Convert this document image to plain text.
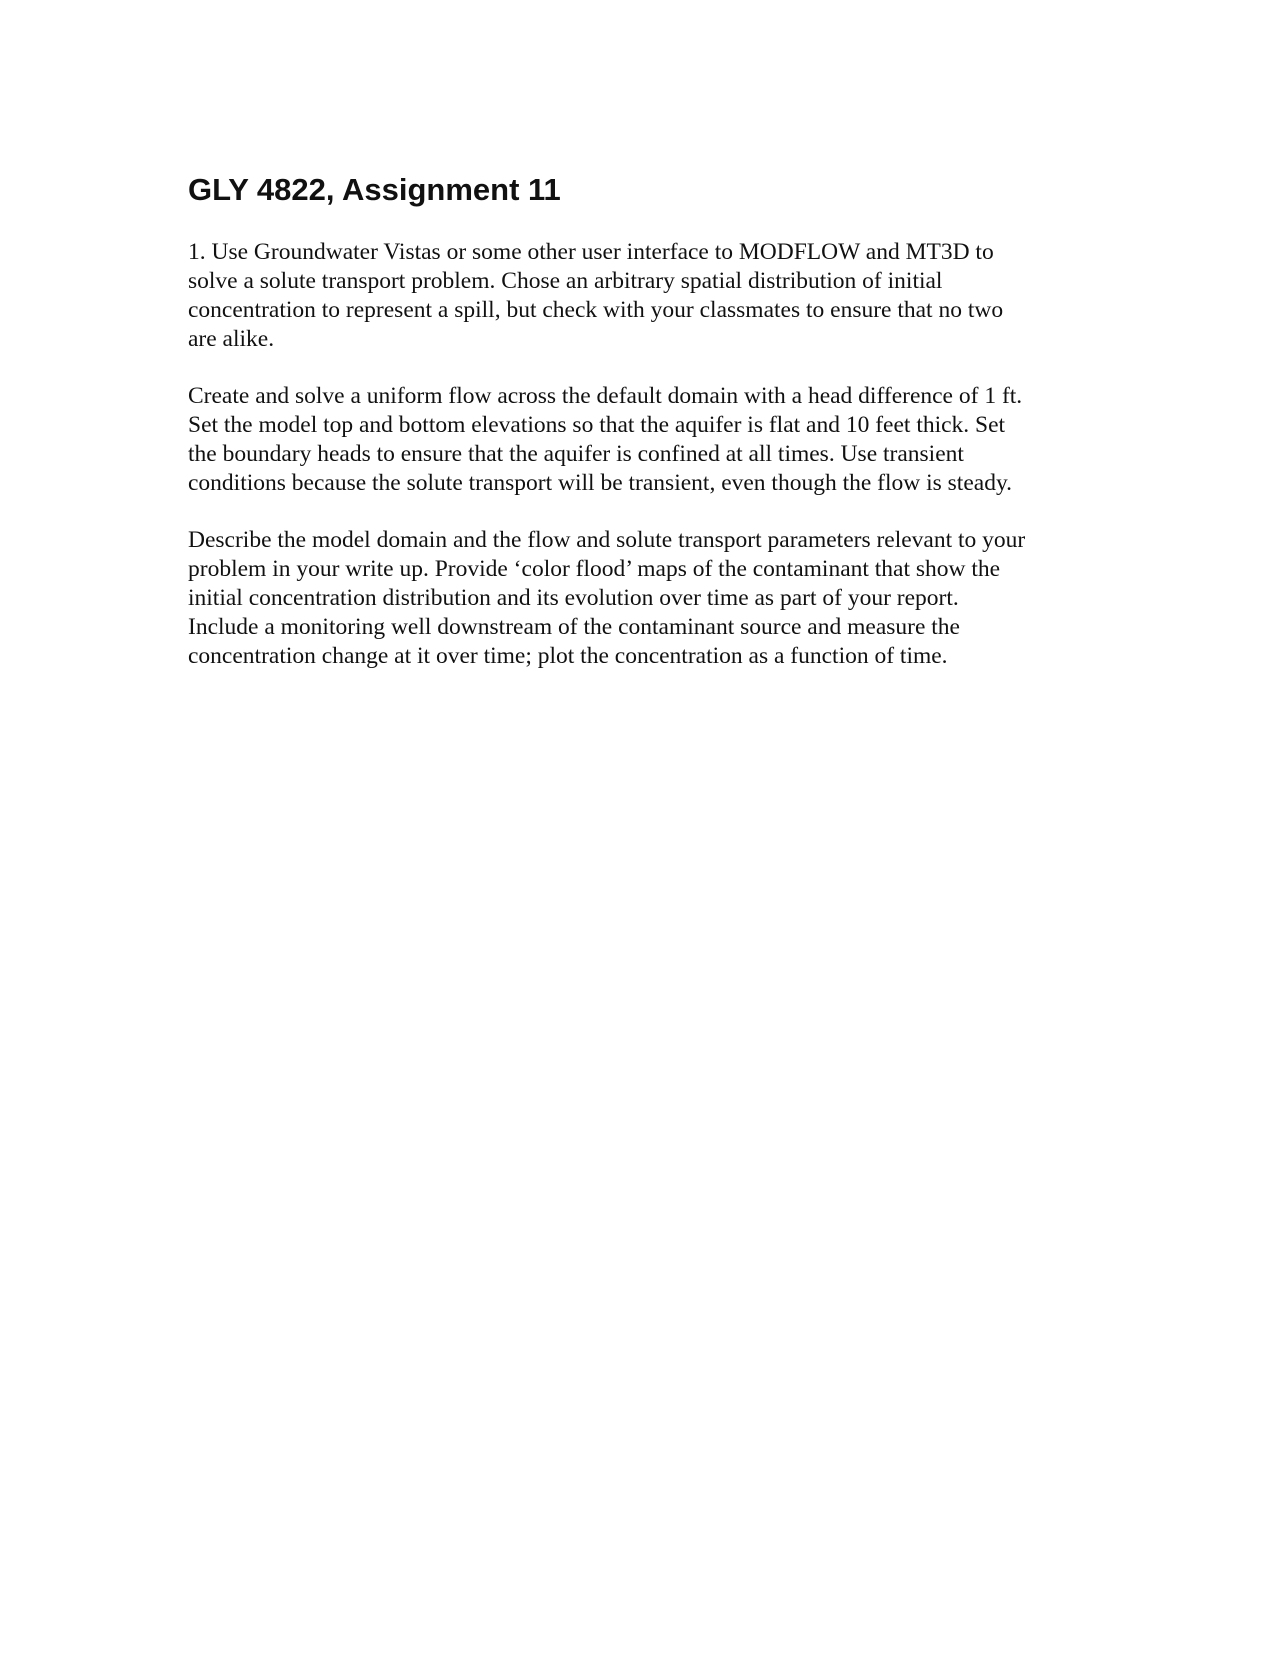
GLY 4822, Assignment 11

1. Use Groundwater Vistas or some other user interface to MODFLOW and MT3D to
solve a solute transport problem. Chose an arbitrary spatial distribution of initial
concentration to represent a spill, but check with your classmates to ensure that no two
are alike.

Create and solve a uniform flow across the default domain with a head difference of 1 ft.
Set the model top and bottom elevations so that the aquifer is flat and 10 feet thick. Set
the boundary heads to ensure that the aquifer is confined at all times. Use transient
conditions because the solute transport will be transient, even though the flow is steady.

Describe the model domain and the flow and solute transport parameters relevant to your
problem in your write up. Provide ‘color flood’ maps of the contaminant that show the
initial concentration distribution and its evolution over time as part of your report.
Include a monitoring well downstream of the contaminant source and measure the
concentration change at it over time; plot the concentration as a function of time.
